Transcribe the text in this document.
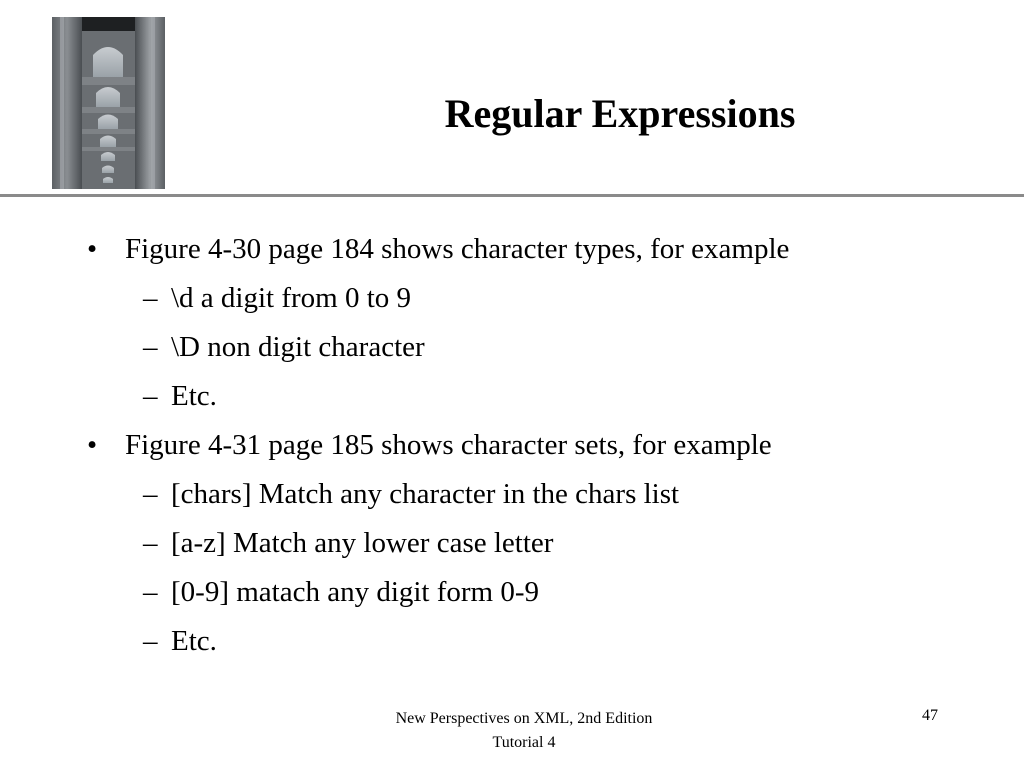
Regular Expressions
• Figure 4-30 page 184 shows character types, for example
– \d a digit from 0 to 9
– \D non digit character
– Etc.
• Figure 4-31 page 185 shows character sets, for example
– [chars] Match any character in the chars list
– [a-z] Match any lower case letter
– [0-9] matach any digit form 0-9
– Etc.
New Perspectives on XML, 2nd Edition
Tutorial 4
47
